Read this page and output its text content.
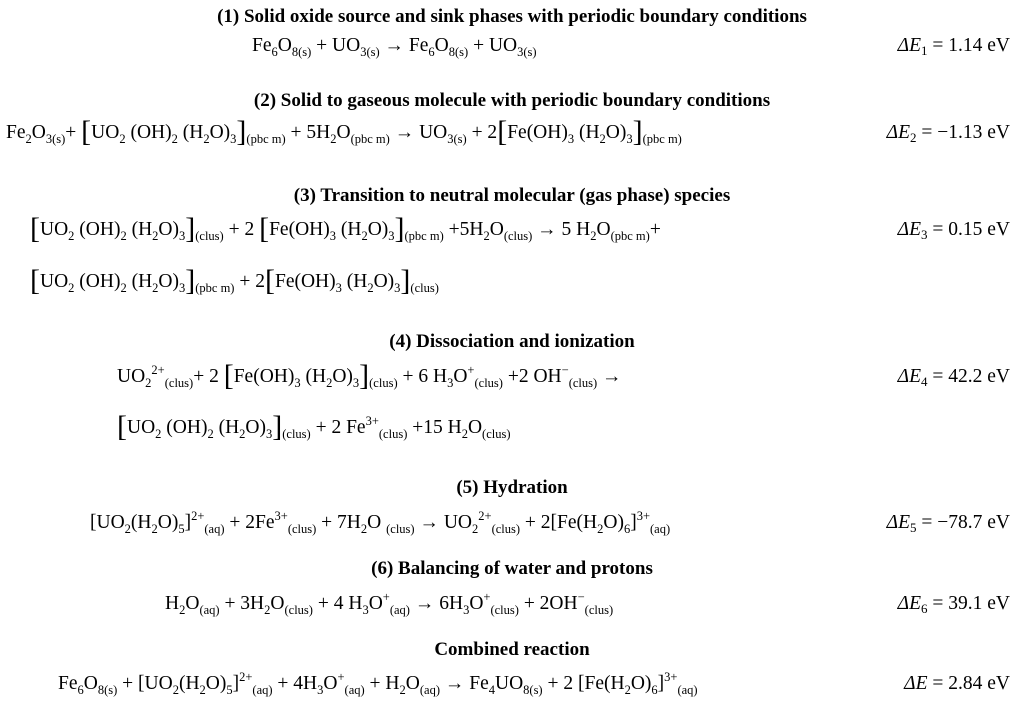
(1) Solid oxide source and sink phases with periodic boundary conditions
$Fe_6O_{8(s)} + UO_{3(s)} \to Fe_6O_{8(s)} + UO_{3(s)}$	$\Delta E_1 = 1.14$ eV
(2) Solid to gaseous molecule with periodic boundary conditions
$Fe_2O_{3(s)}+ [UO_2$ $(OH)_2$ $(H_2O)_3]_{(pbc m)} + 5H_2O_{(pbc m)} \to UO_{3(s)} + 2[Fe(OH)_3$ $(H_2O)_3]_{(pbc m)}$	$\Delta E_2 = -1.13$ eV
(3) Transition to neutral molecular (gas phase) species
[$UO_2$ $(OH)_2$ $(H_2O)_3]_{(clus)} + 2$ [$Fe(OH)_3$ $(H_2O)_3]_{(pbc m)} +5H_2O_{(clus)} \to 5$ $H_2O_{(pbc m)}+$	$\Delta E_3 = 0.15$ eV
[$UO_2$ $(OH)_2$ $(H_2O)_3]_{(pbc m)} + 2[Fe(OH)_3$ $(H_2O)_3]_{(clus)}$
(4) Dissociation and ionization
$UO_2^{2+}_{(clus)}+ 2$ [$Fe(OH)_3$ $(H_2O)_3]_{(clus)} + 6$ $H_3O^+_{(clus)} +2$ $OH^-_{(clus)}$ →	$\Delta E_4 = 42.2$ eV
[$UO_2$ $(OH)_2$ $(H_2O)_3]_{(clus)} + 2$ $Fe^{3+}_{(clus)} +15$ $H_2O_{(clus)}$
(5) Hydration
$[UO_2(H_2O)_5]^{2+}_{(aq)} + 2Fe^{3+}_{(clus)} + 7H_2O$ $_{(clus)} \to UO_2^{2+}_{(clus)} + 2[Fe(H_2O)_6]^{3+}_{(aq)}$	$\Delta E_5 = -78.7$ eV
(6) Balancing of water and protons
$H_2O_{(aq)} + 3H_2O_{(clus)} + 4$ $H_3O^+_{(aq)} \to 6H_3O^+_{(clus)} + 2OH^-_{(clus)}$	$\Delta E_6 = 39.1$ eV
Combined reaction
$Fe_6O_{8(s)} + [UO_2(H_2O)_5]^{2+}_{(aq)} + 4H_3O^+_{(aq)} + H_2O_{(aq)} \to Fe_4UO_{8(s)} + 2$ $[Fe(H_2O)_6]^{3+}_{(aq)}$	ΔE = 2.84 eV
